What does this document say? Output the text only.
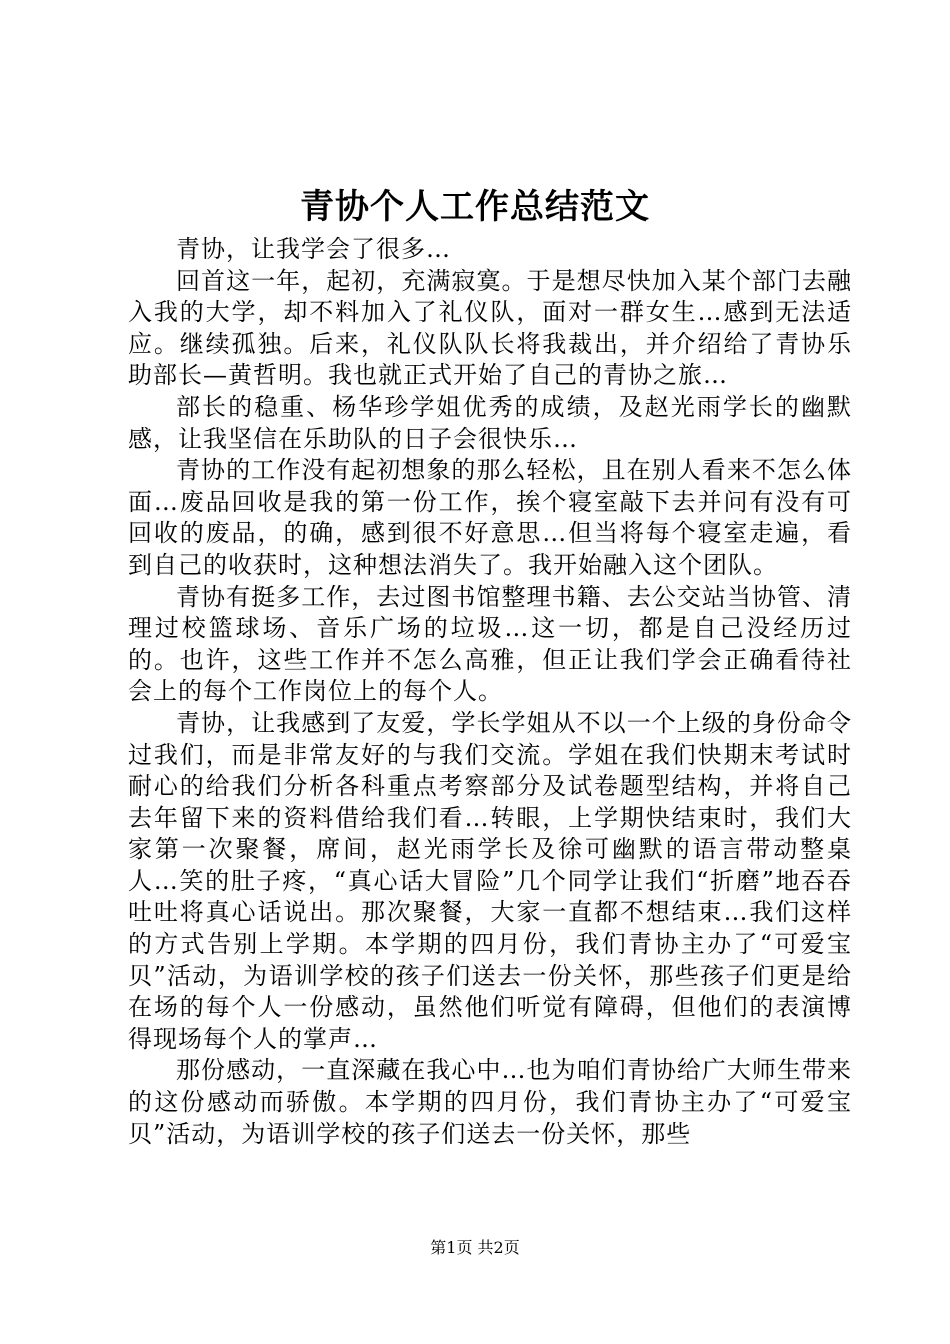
青协个人工作总结范文

青协，让我学会了很多…

回首这一年，起初，充满寂寞。于是想尽快加入某个部门去融入我的大学，却不料加入了礼仪队，面对一群女生…感到无法适应。继续孤独。后来，礼仪队队长将我裁出，并介绍给了青协乐助部长—黄哲明。我也就正式开始了自己的青协之旅…

部长的稳重、杨华珍学姐优秀的成绩，及赵光雨学长的幽默感，让我坚信在乐助队的日子会很快乐…

青协的工作没有起初想象的那么轻松，且在别人看来不怎么体面…废品回收是我的第一份工作，挨个寝室敲下去并问有没有可回收的废品，的确，感到很不好意思…但当将每个寝室走遍，看到自己的收获时，这种想法消失了。我开始融入这个团队。

青协有挺多工作，去过图书馆整理书籍、去公交站当协管、清理过校篮球场、音乐广场的垃圾…这一切，都是自己没经历过的。也许，这些工作并不怎么高雅，但正让我们学会正确看待社会上的每个工作岗位上的每个人。

青协，让我感到了友爱，学长学姐从不以一个上级的身份命令过我们，而是非常友好的与我们交流。学姐在我们快期末考试时耐心的给我们分析各科重点考察部分及试卷题型结构，并将自己去年留下来的资料借给我们看…转眼，上学期快结束时，我们大家第一次聚餐，席间，赵光雨学长及徐可幽默的语言带动整桌人…笑的肚子疼，“真心话大冒险”几个同学让我们“折磨”地吞吞吐吐将真心话说出。那次聚餐，大家一直都不想结束…我们这样的方式告别上学期。本学期的四月份，我们青协主办了“可爱宝贝”活动，为语训学校的孩子们送去一份关怀，那些孩子们更是给在场的每个人一份感动，虽然他们听觉有障碍，但他们的表演博得现场每个人的掌声…

那份感动，一直深藏在我心中…也为咱们青协给广大师生带来的这份感动而骄傲。本学期的四月份，我们青协主办了“可爱宝贝”活动，为语训学校的孩子们送去一份关怀，那些

第1页 共2页
